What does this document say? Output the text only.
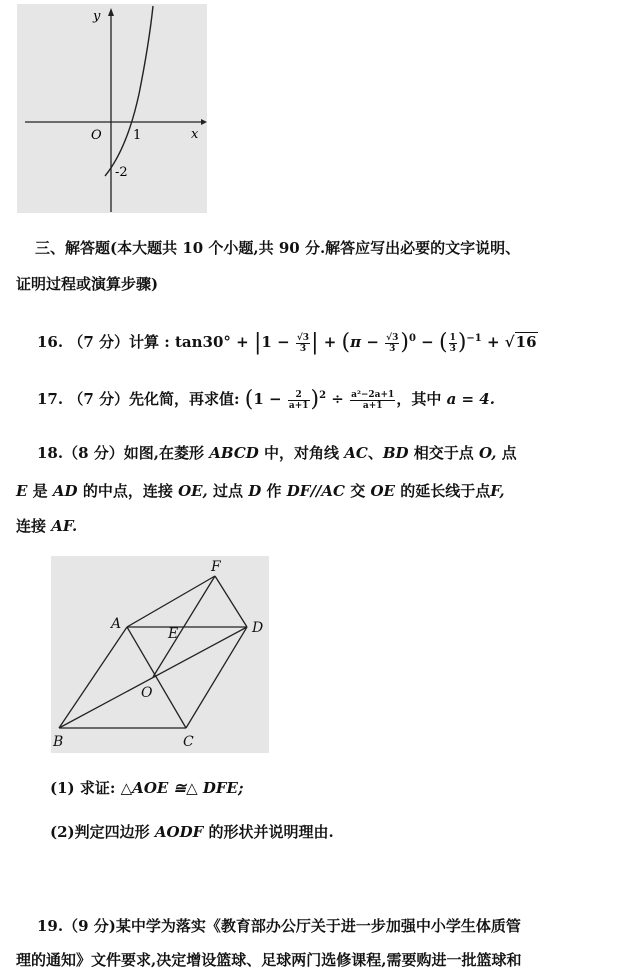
y
x
O 1
-2
三、解答题(本大题共 10 个小题,共 90 分.解答应写出必要的文字说明、
证明过程或演算步骤)
16. （7 分）计算 : $\tan 30^\circ + |1 - \frac{√3}{3}$ | + $(\pi - \frac{√3}{3} )^0$ − ( $\frac{1}{3} )^{-1} + √16$
17. （7 分）先化简，再求值: $(1 - \frac{2}{a+1} )^2 \div \frac{\text{a²−2a+1}}{a+1}$ ，其中 a = 4.
18.（8 分）如图,在菱形 ABCD 中，对角线 AC、BD 相交于点 O, 点
E 是 AD 的中点，连接 OE, 过点 D 作 DF//AC 交 OE 的延长线于点F,
连接 AF.
A
B	C
D
E
F
O
(1) 求证: △AOE ≅△ DFE;
(2)判定四边形 AODF 的形状并说明理由.
19.（9 分)某中学为落实《教育部办公厅关于进一步加强中小学生体质管
理的通知》文件要求,决定增设篮球、足球两门选修课程,需要购进一批篮球和
